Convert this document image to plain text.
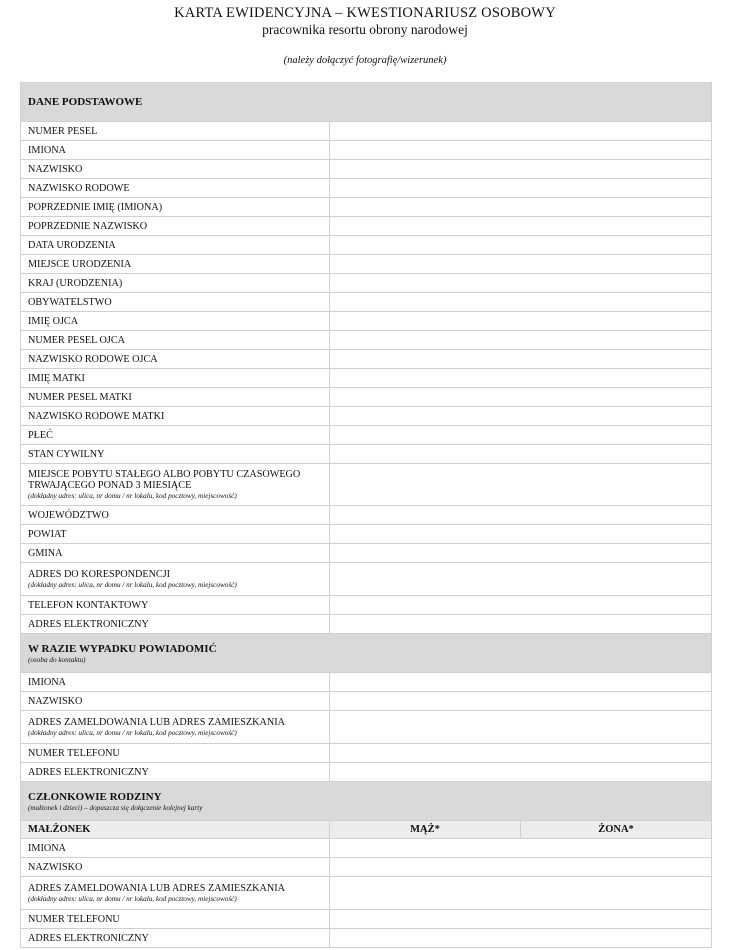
KARTA EWIDENCYJNA – KWESTIONARIUSZ OSOBOWY
pracownika resortu obrony narodowej
(należy dołączyć fotografię/wizerunek)
DANE PODSTAWOWE		
NUMER PESEL		
IMIONA		
NAZWISKO		
NAZWISKO RODOWE		
POPRZEDNIE IMIĘ (IMIONA)		
POPRZEDNIE NAZWISKO		
DATA URODZENIA		
MIEJSCE URODZENIA		
KRAJ (URODZENIA)		
OBYWATELSTWO		
IMIĘ OJCA		
NUMER PESEL OJCA		
NAZWISKO RODOWE OJCA		
IMIĘ MATKI		
NUMER PESEL MATKI		
NAZWISKO RODOWE MATKI		
PŁEĆ		
STAN CYWILNY		

MIEJSCE POBYTU STAŁEGO ALBO POBYTU CZASOWEGO
TRWAJĄCEGO PONAD 3 MIESIĄCE
(dokładny adres: ulica, nr domu / nr lokalu, kod pocztowy, miejscowość)		

WOJEWÓDZTWO		
POWIAT		
GMINA		

ADRES DO KORESPONDENCJI
(dokładny adres: ulica, nr domu / nr lokalu, kod pocztowy, miejscowość)		

TELEFON KONTAKTOWY		
ADRES ELEKTRONICZNY		
W RAZIE WYPADKU POWIADOMIĆ
(osoba do kontaktu)		

IMIONA		
NAZWISKO		

ADRES ZAMELDOWANIA LUB ADRES ZAMIESZKANIA
(dokładny adres: ulica, nr domu / nr lokalu, kod pocztowy, miejscowość)		

NUMER TELEFONU		
ADRES ELEKTRONICZNY		
CZŁONKOWIE RODZINY
(małżonek i dzieci) – dopuszcza się dołączenie kolejnej karty		

MAŁŻONEK	MĄŻ*	ŻONA*
IMIONA		
NAZWISKO		

ADRES ZAMELDOWANIA LUB ADRES ZAMIESZKANIA
(dokładny adres: ulica, nr domu / nr lokalu, kod pocztowy, miejscowość)		

NUMER TELEFONU		
ADRES ELEKTRONICZNY		
